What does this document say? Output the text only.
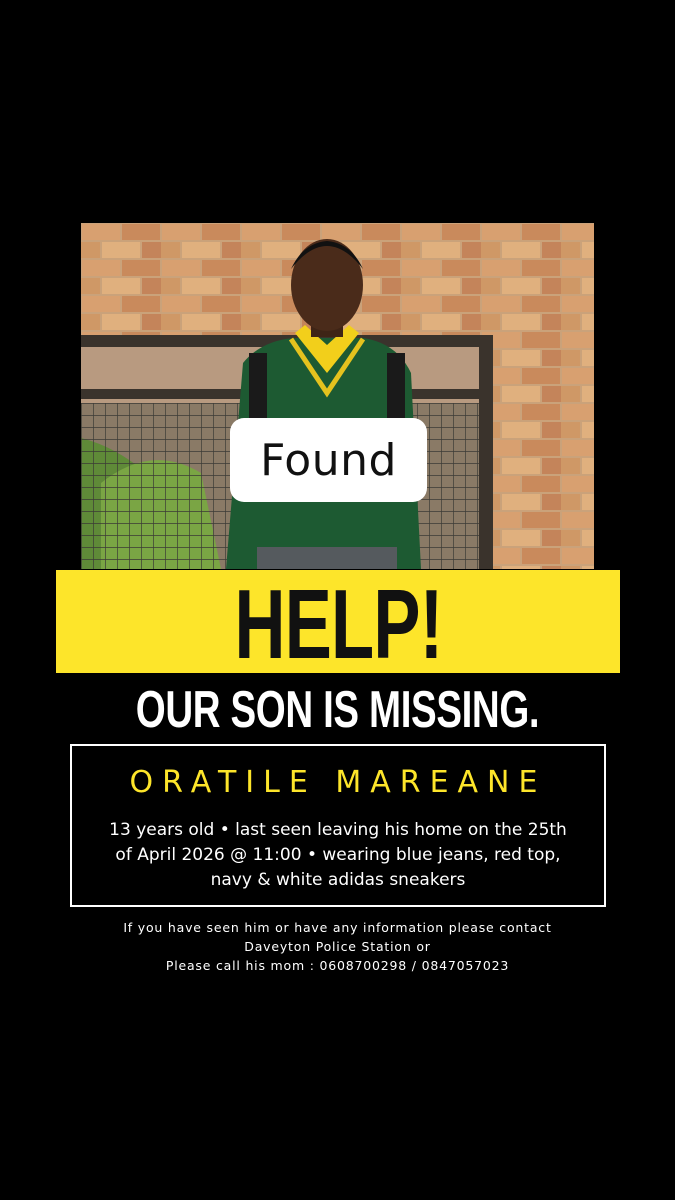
Found
HELP!
OUR SON IS MISSING.
ORATILE MAREANE
13 years old • last seen leaving his home on the 25th
of April 2026 @ 11:00 • wearing blue jeans, red top,
navy & white adidas sneakers
If you have seen him or have any information please contact
Daveyton Police Station or
Please call his mom : 0608700298 / 0847057023
